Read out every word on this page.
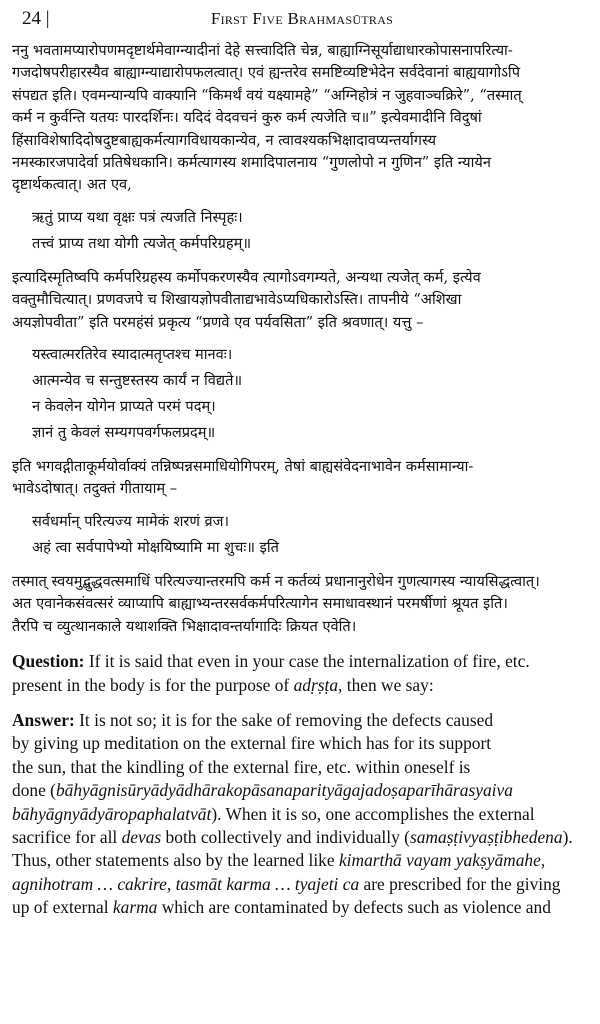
24 |	First Five Brahmasūtras

ननु भवतामप्यारोपणमदृष्टार्थमेवाग्न्यादीनां देहे सत्त्वादिति चेन्न, बाह्याग्निसूर्याद्याधारकोपासनापरित्या-

गजदोषपरीहारस्यैव बाह्याग्न्याद्यारोपफलत्वात्। एवं ह्यन्तरेव समष्टिव्यष्टिभेदेन सर्वदेवानां बाह्ययागोऽपि

संपद्यत इति। एवमन्यान्यपि वाक्यानि “किमर्थं वयं यक्ष्यामहे” “अग्निहोत्रं न जुहवाञ्चक्रिरे”, “तस्मात्

कर्म न कुर्वन्ति यतयः पारदर्शिनः। यदिदं वेदवचनं कुरु कर्म त्यजेति च॥” इत्येवमादीनि विदुषां

हिंसाविशेषादिदोषदुष्टबाह्यकर्मत्यागविधायकान्येव, न त्वावश्यकभिक्षादावप्यन्तर्यागस्य

नमस्कारजपादेर्वा प्रतिषेधकानि। कर्मत्यागस्य शमादिपालनाय “गुणलोपो न गुणिन” इति न्यायेन

दृष्टार्थकत्वात्। अत एव,

ऋतुं प्राप्य यथा वृक्षः पत्रं त्यजति निस्पृहः।

तत्त्वं प्राप्य तथा योगी त्यजेत् कर्मपरिग्रहम्॥

इत्यादिस्मृतिष्वपि कर्मपरिग्रहस्य कर्मोपकरणस्यैव त्यागोऽवगम्यते, अन्यथा त्यजेत् कर्म, इत्येव

वक्तुमौचित्यात्। प्रणवजपे च शिखायज्ञोपवीताद्यभावेऽप्यधिकारोऽस्ति। तापनीये “अशिखा

अयज्ञोपवीता” इति परमहंसं प्रकृत्य “प्रणवे एव पर्यवसिता” इति श्रवणात्। यत्तु –

यस्त्वात्मरतिरेव स्यादात्मतृप्तश्च मानवः।

आत्मन्येव च सन्तुष्टस्तस्य कार्यं न विद्यते॥

न केवलेन योगेन प्राप्यते परमं पदम्।

ज्ञानं तु केवलं सम्यगपवर्गफलप्रदम्॥

इति भगवद्गीताकूर्मयोर्वाक्यं तन्निष्पन्नसमाधियोगिपरम्, तेषां बाह्यसंवेदनाभावेन कर्मसामान्या-

भावेऽदोषात्। तदुक्तं गीतायाम् –

सर्वधर्मान् परित्यज्य मामेकं शरणं व्रज।

अहं त्वा सर्वपापेभ्यो मोक्षयिष्यामि मा शुचः॥ इति

तस्मात् स्वयमुद्बुद्धवत्समाधिं परित्यज्यान्तरमपि कर्म न कर्तव्यं प्रधानानुरोधेन गुणत्यागस्य न्यायसिद्धत्वात्।

अत एवानेकसंवत्सरं व्याप्यापि बाह्याभ्यन्तरसर्वकर्मपरित्यागेन समाधावस्थानं परमर्षीणां श्रूयत इति।

तैरपि च व्युत्थानकाले यथाशक्ति भिक्षादावन्तर्यागादिः क्रियत एवेति।

Question: If it is said that even in your case the internalization of fire, etc.

present in the body is for the purpose of adṛṣṭa, then we say:

Answer: It is not so; it is for the sake of removing the defects caused

by giving up meditation on the external fire which has for its support

the sun, that the kindling of the external fire, etc. within oneself is

done (bāhyāgnisūryādyādhārakopāsanaparityāgajadoṣaparīhārasyaiva

bāhyāgnyādyāropaphalatvāt). When it is so, one accomplishes the external

sacrifice for all devas both collectively and individually (samaṣṭivyaṣṭibhedena).

Thus, other statements also by the learned like kimarthā vayam yakṣyāmahe,

agnihotram … cakrire, tasmāt karma … tyajeti ca are prescribed for the giving

up of external karma which are contaminated by defects such as violence and
